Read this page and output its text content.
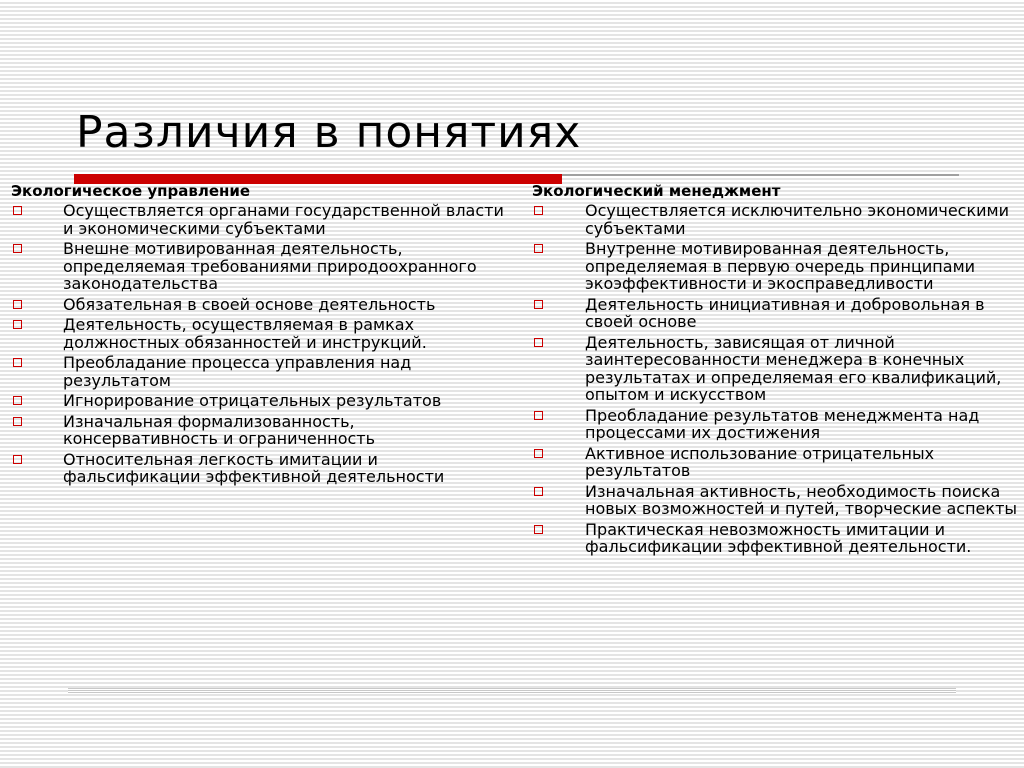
Различия в понятиях
Экологическое управление
Осуществляется органами государственной власти и экономическими субъектами
Внешне мотивированная деятельность, определяемая требованиями природоохранного законодательства
Обязательная в своей основе деятельность
Деятельность, осуществляемая в рамках должностных обязанностей и инструкций.
Преобладание процесса управления над результатом
Игнорирование отрицательных результатов
Изначальная формализованность, консервативность и ограниченность
Относительная легкость имитации и фальсификации эффективной деятельности
Экологический менеджмент
Осуществляется исключительно экономическими субъектами
Внутренне мотивированная деятельность, определяемая в первую очередь принципами экоэффективности и экосправедливости
Деятельность инициативная и добровольная в своей основе
Деятельность, зависящая от личной заинтересованности менеджера в конечных результатах и определяемая его квалификаций, опытом и искусством
Преобладание результатов менеджмента над процессами их достижения
Активное использование отрицательных результатов
Изначальная активность, необходимость поиска новых возможностей и путей, творческие аспекты
Практическая невозможность имитации и фальсификации эффективной деятельности.
